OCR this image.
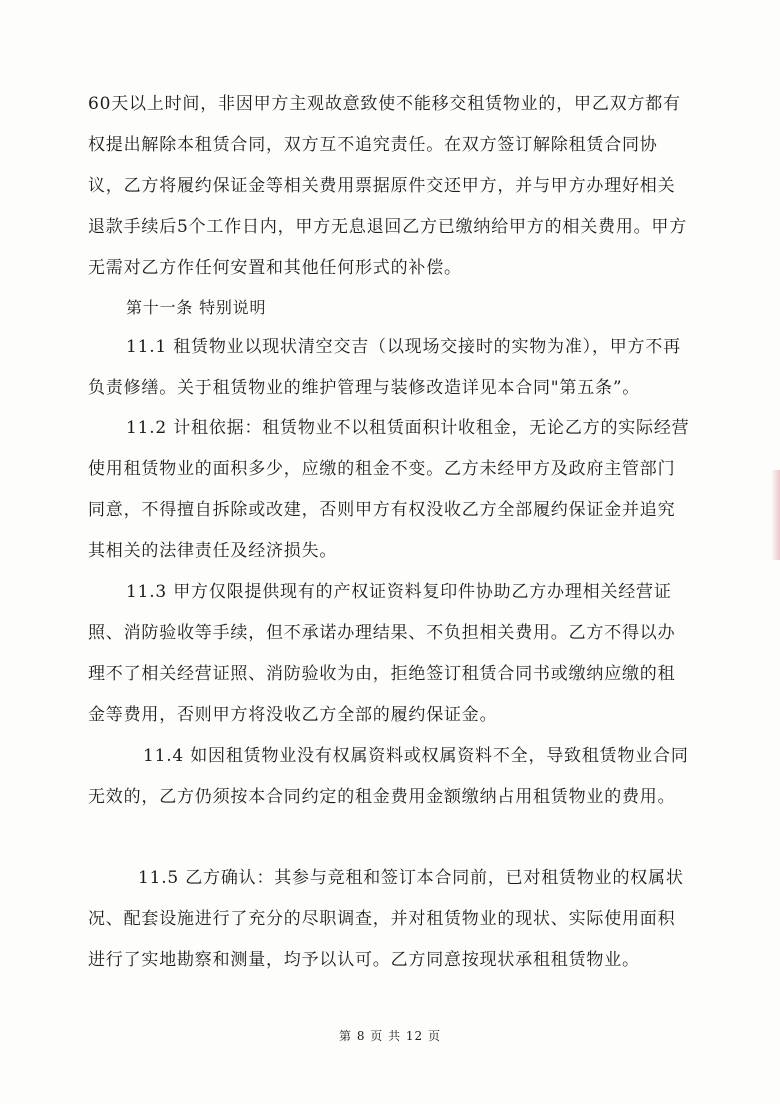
60天以上时间，非因甲方主观故意致使不能移交租赁物业的，甲乙双方都有权提出解除本租赁合同，双方互不追究责任。在双方签订解除租赁合同协议，乙方将履约保证金等相关费用票据原件交还甲方，并与甲方办理好相关退款手续后5个工作日内，甲方无息退回乙方已缴纳给甲方的相关费用。甲方无需对乙方作任何安置和其他任何形式的补偿。

第十一条 特别说明

11.1 租赁物业以现状清空交吉（以现场交接时的实物为准），甲方不再负责修缮。关于租赁物业的维护管理与装修改造详见本合同"第五条”。

11.2 计租依据：租赁物业不以租赁面积计收租金，无论乙方的实际经营使用租赁物业的面积多少，应缴的租金不变。乙方未经甲方及政府主管部门同意，不得擅自拆除或改建，否则甲方有权没收乙方全部履约保证金并追究其相关的法律责任及经济损失。

11.3 甲方仅限提供现有的产权证资料复印件协助乙方办理相关经营证照、消防验收等手续，但不承诺办理结果、不负担相关费用。乙方不得以办理不了相关经营证照、消防验收为由，拒绝签订租赁合同书或缴纳应缴的租金等费用，否则甲方将没收乙方全部的履约保证金。

11.4 如因租赁物业没有权属资料或权属资料不全，导致租赁物业合同无效的，乙方仍须按本合同约定的租金费用金额缴纳占用租赁物业的费用。

11.5 乙方确认：其参与竞租和签订本合同前，已对租赁物业的权属状况、配套设施进行了充分的尽职调查，并对租赁物业的现状、实际使用面积进行了实地勘察和测量，均予以认可。乙方同意按现状承租租赁物业。

第 8 页 共 12 页
